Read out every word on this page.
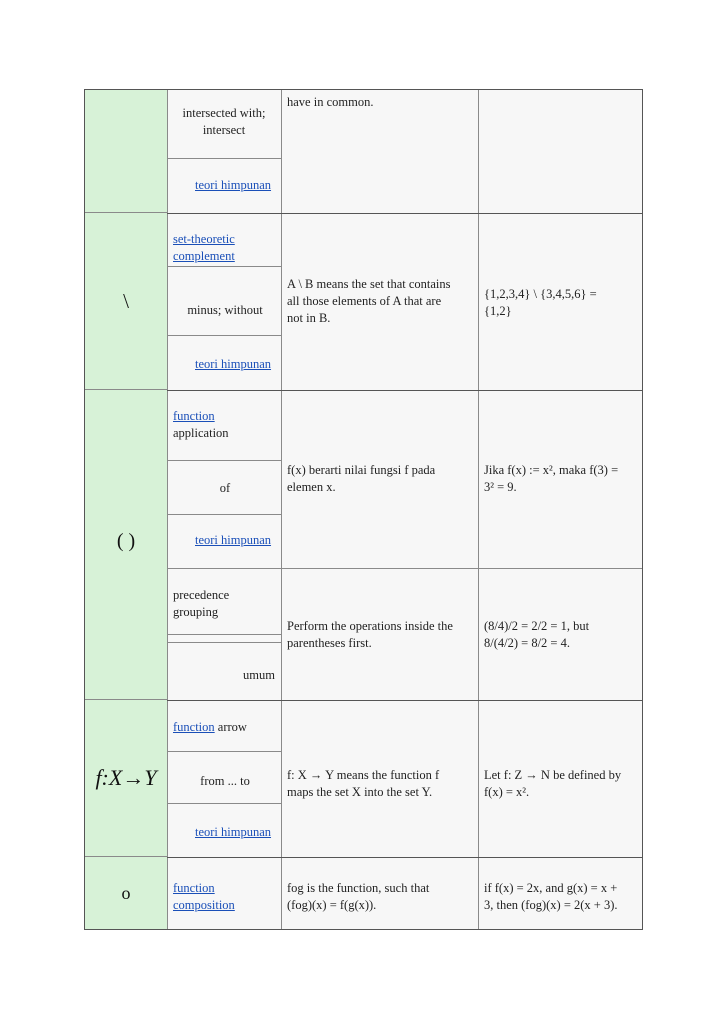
\
( )
f:X→Y
o
intersected with;
intersect
teori himpunan
have in common.
set-theoretic
complement
minus; without
teori himpunan
A \ B means the set that contains
all those elements of A that are
not in B.
{1,2,3,4} \ {3,4,5,6} =
{1,2}
function
application
of
teori himpunan
f(x) berarti nilai fungsi f pada
elemen x.
Jika f(x) := x², maka f(3) =
3² = 9.
precedence
grouping
umum
Perform the operations inside the
parentheses first.
(8/4)/2 = 2/2 = 1, but
8/(4/2) = 8/2 = 4.
function arrow
from ... to
teori himpunan
f: X → Y means the function f
maps the set X into the set Y.
Let f: Z → N be defined by
f(x) = x².
function
composition
fog is the function, such that
(fog)(x) = f(g(x)).
if f(x) = 2x, and g(x) = x +
3, then (fog)(x) = 2(x + 3).
